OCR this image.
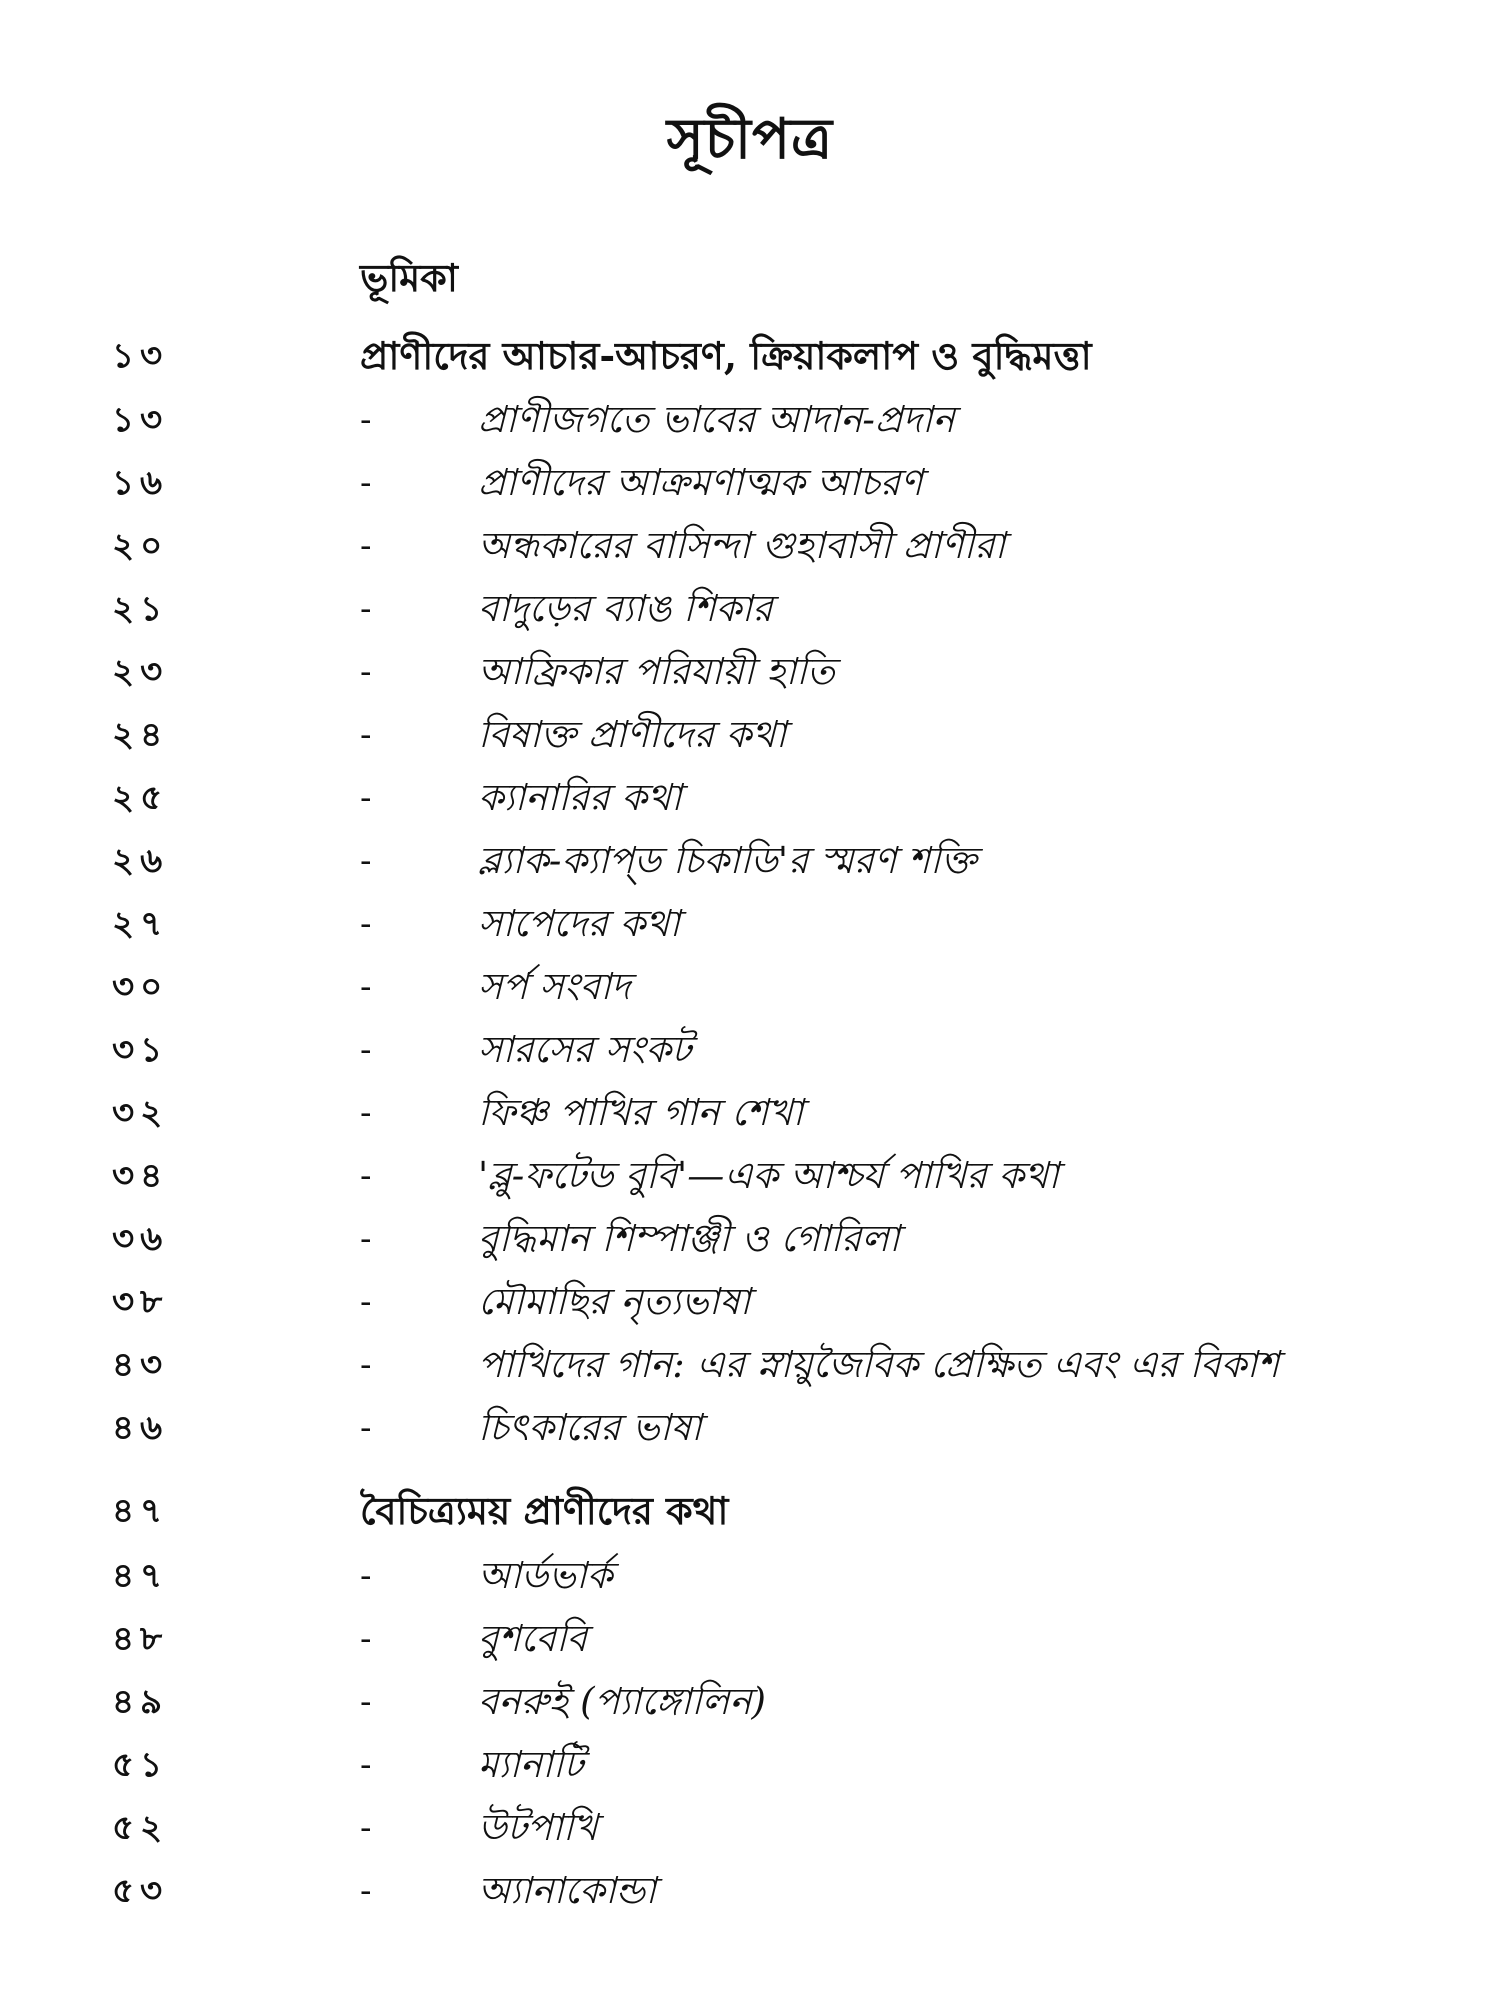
সূচীপত্র
ভূমিকা
১৩	প্রাণীদের আচার-আচরণ, ক্রিয়াকলাপ ও বুদ্ধিমত্তা
১৩	-	প্রাণীজগতে ভাবের আদান-প্রদান
১৬	-	প্রাণীদের আক্রমণাত্মক আচরণ
২০	-	অন্ধকারের বাসিন্দা গুহাবাসী প্রাণীরা
২১	-	বাদুড়ের ব্যাঙ শিকার
২৩	-	আফ্রিকার পরিযায়ী হাতি
২৪	-	বিষাক্ত প্রাণীদের কথা
২৫	-	ক্যানারির কথা
২৬	-	ব্ল্যাক-ক্যাপ্‌ড চিকাডি'র স্মরণ শক্তি
২৭	-	সাপেদের কথা
৩০	-	সর্প সংবাদ
৩১	-	সারসের সংকট
৩২	-	ফিঞ্চ পাখির গান শেখা
৩৪	-	'ব্লু-ফটেড বুবি'—এক আশ্চর্য পাখির কথা
৩৬	-	বুদ্ধিমান শিম্পাঞ্জী ও গোরিলা
৩৮	-	মৌমাছির নৃত্যভাষা
৪৩	-	পাখিদের গান: এর স্নায়ুজৈবিক প্রেক্ষিত এবং এর বিকাশ
৪৬	-	চিৎকারের ভাষা
৪৭	বৈচিত্র্যময় প্রাণীদের কথা
৪৭	-	আর্ডভার্ক
৪৮	-	বুশবেবি
৪৯	-	বনরুই (প্যাঙ্গোলিন)
৫১	-	ম্যানাটি
৫২	-	উটপাখি
৫৩	-	অ্যানাকোন্ডা
